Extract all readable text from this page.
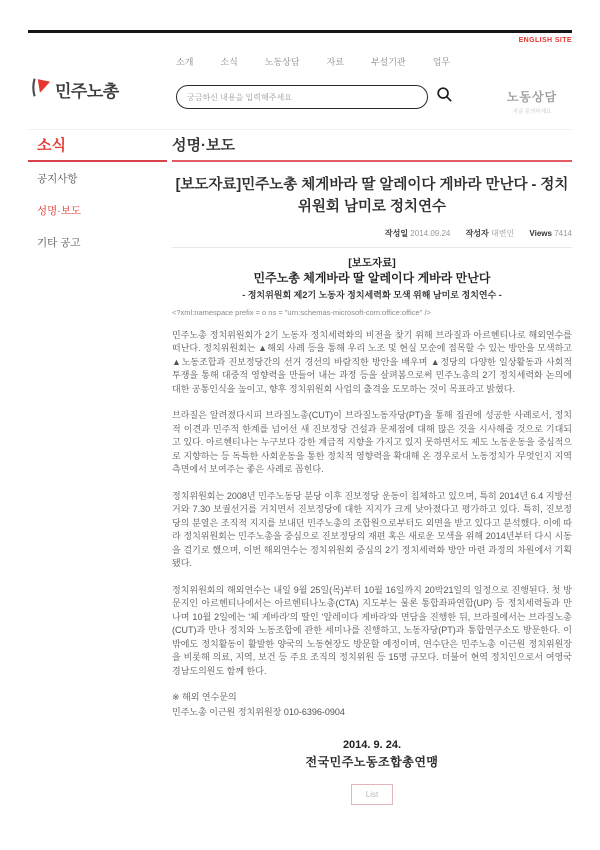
ENGLISH SITE
민주노총
소개	소식	노동상담	자료	부설기관	업무
궁금하신 내용을 입력해주세요
노동상담
지금 문의하세요
소식
공지사항
성명·보도
기타 공고
성명·보도
[보도자료]민주노총 체게바라 딸 알레이다 게바라 만난다 - 정치위원회 남미로 정치연수
작성일 2014.09.24 작성자 대변인 Views 7414
[보도자료]
민주노총 체게바라 딸 알레이다 게바라 만난다
- 정치위원회 제2기 노동자 정치세력화 모색 위해 남미로 정치연수 -
<?xml:namespace prefix = o ns = "urn:schemas-microsoft-com:office:office" />

민주노총 정치위원회가 2기 노동자 정치세력화의 비전을 찾기 위해 브라질과 아르헨티나로 해외연수를 떠난다. 정치위원회는 ▲해외 사례 등을 통해 우리 노조 및 현실 모순에 접목할 수 있는 방안을 모색하고 ▲노동조합과 진보정당간의 선거 경선의 바람직한 방안을 배우며 ▲정당의 다양한 일상활동과 사회적 투쟁을 통해 대중적 영향력을 만들어 내는 과정 등을 살펴봄으로써 민주노총의 2기 정치세력화 논의에 대한 공통인식을 높이고, 향후 정치위원회 사업의 출격을 도모하는 것이 목표라고 밝혔다.

브라질은 알려졌다시피 브라질노총(CUT)이 브라질노동자당(PT)을 통해 집권에 성공한 사례로서, 정치적 이견과 민주적 한계를 넘어선 새 진보정당 건설과 문제점에 대해 많은 것을 시사해줄 것으로 기대되고 있다. 아르헨티나는 누구보다 강한 계급적 지향을 가지고 있지 못하면서도 제도 노동운동을 중심적으로 지향하는 등 독특한 사회운동을 통한 정치적 영향력을 확대해 온 경우로서 노동정치가 무엇인지 지역 측면에서 보여주는 좋은 사례로 꼽힌다.

정치위원회는 2008년 민주노동당 분당 이후 진보정당 운동이 침체하고 있으며, 특히 2014년 6.4 지방선거와 7.30 보궐선거를 거치면서 진보정당에 대한 지지가 크게 낮아졌다고 평가하고 있다. 특히, 진보정당의 분열은 조직적 지지를 보내던 민주노총의 조합원으로부터도 외면을 받고 있다고 분석했다. 이에 따라 정치위원회는 민주노총을 중심으로 진보정당의 재편 혹은 새로운 모색을 위해 2014년부터 다시 시동을 걸기로 했으며, 이번 해외연수는 정치위원회 중심의 2기 정치세력화 방안 마련 과정의 차원에서 기획됐다.

정치위원회의 해외연수는 내일 9월 25일(목)부터 10월 16일까지 20박21일의 일정으로 진행된다. 첫 방문지인 아르헨티나에서는 아르헨티나노총(CTA) 지도부는 물론 통합좌파연합(UP) 등 정치세력들과 만나며 10월 2일에는 '체 게바라'의 딸인 '알레이다 게바라'와 면담을 진행한 뒤, 브라질에서는 브라질노총(CUT)과 만나 정치와 노동조합에 관한 세미나를 진행하고, 노동자당(PT)과 통합연구소도 방문한다. 이밖에도 정치활동이 활발한 양국의 노동현장도 방문할 예정이며, 연수단은 민주노총 이근원 정치위원장을 비롯해 의료, 지역, 보건 등 주요 조직의 정치위원 등 15명 규모다. 더불어 현역 정치인으로서 여영국 경남도의원도 함께 한다.

※ 해외 연수문의
민주노총 이근원 정치위원장 010-6396-0904
2014. 9. 24.
전국민주노동조합총연맹
List
